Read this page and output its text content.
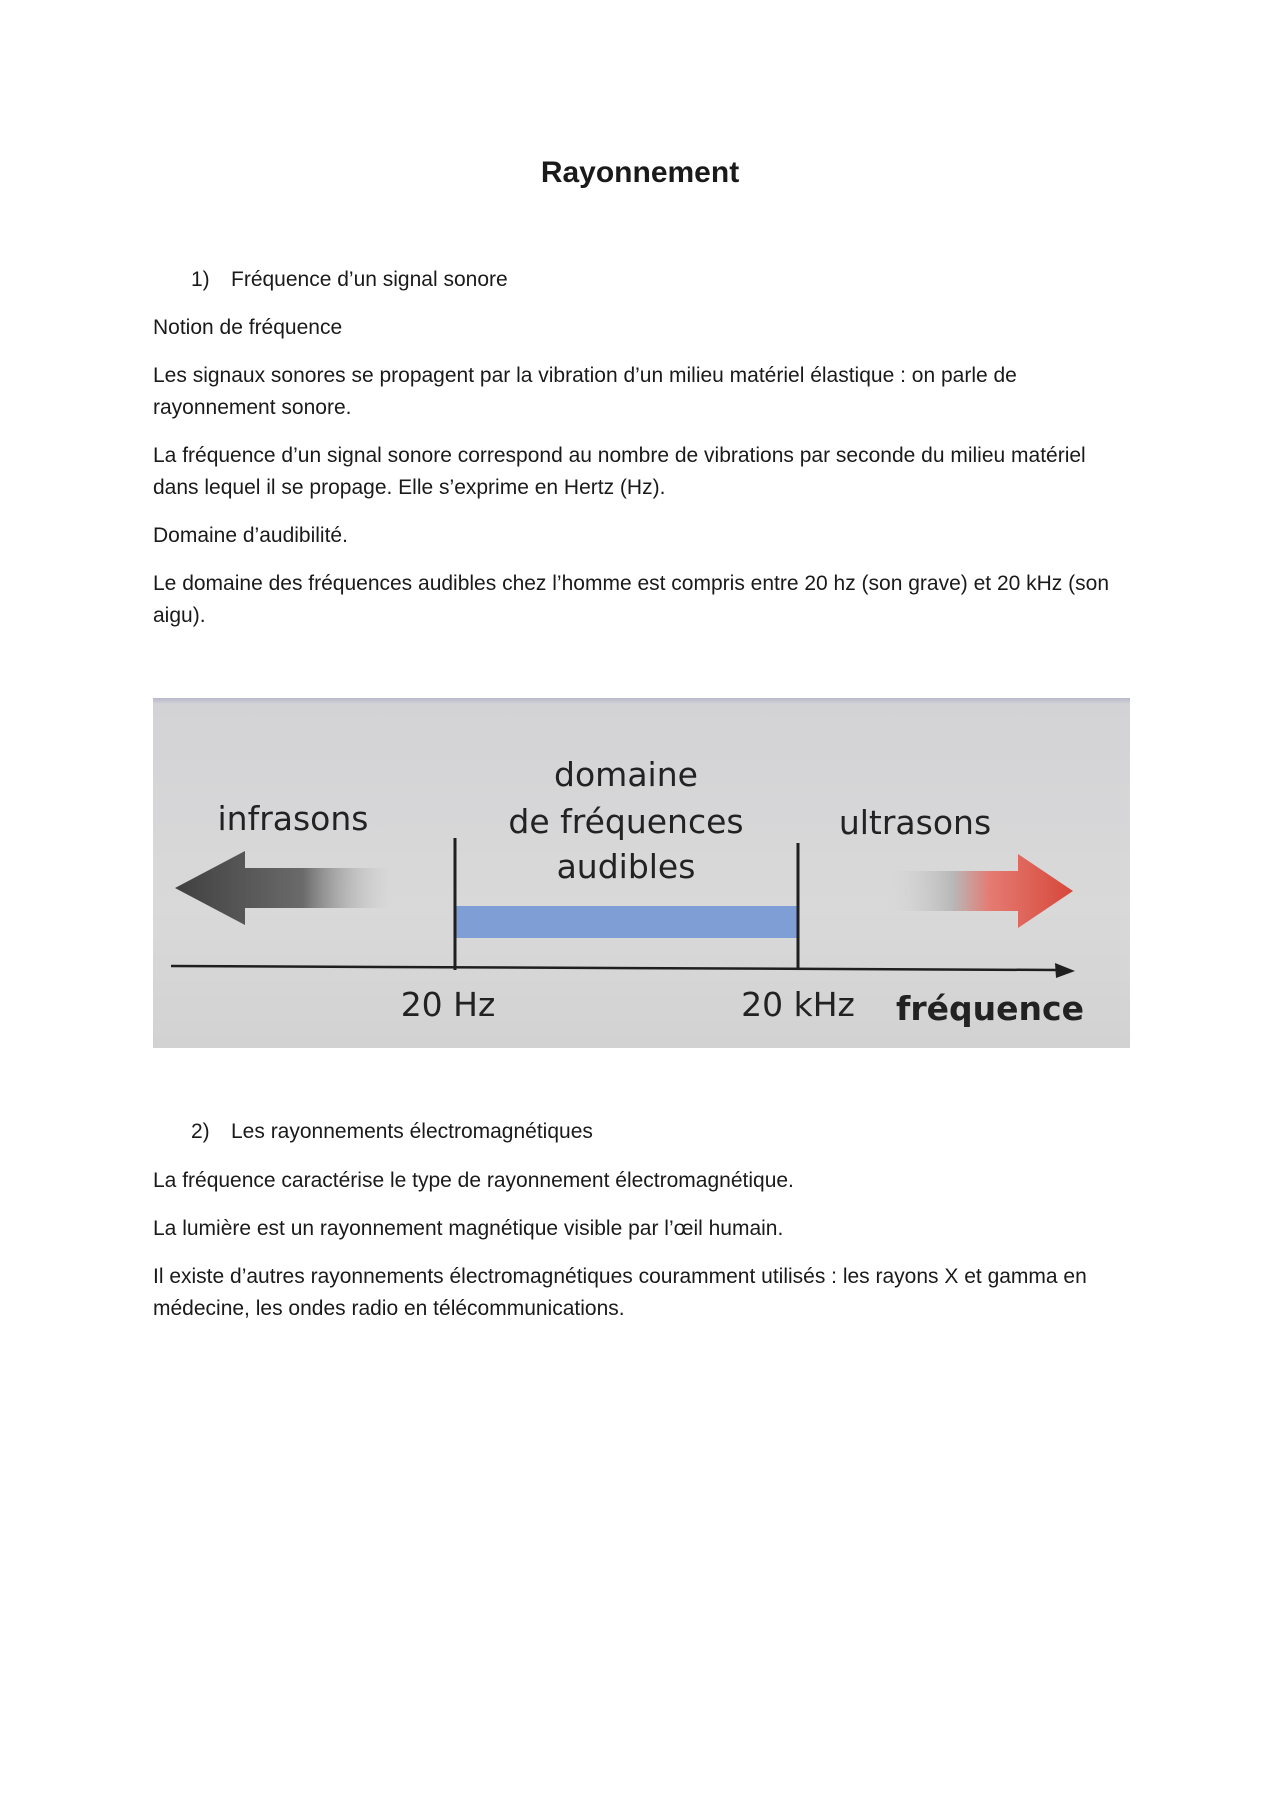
Rayonnement
1)	Fréquence d’un signal sonore
Notion de fréquence
Les signaux sonores se propagent par la vibration d’un milieu matériel élastique : on parle de
rayonnement sonore.
La fréquence d’un signal sonore correspond au nombre de vibrations par seconde du milieu matériel
dans lequel il se propage. Elle s’exprime en Hertz (Hz).
Domaine d’audibilité.
Le domaine des fréquences audibles chez l’homme est compris entre 20 hz (son grave) et 20 kHz (son
aigu).
infrasons
domaine
de fréquences
audibles
ultrasons
20 Hz	20 kHz fréquence
2)	Les rayonnements électromagnétiques
La fréquence caractérise le type de rayonnement électromagnétique.
La lumière est un rayonnement magnétique visible par l’œil humain.
Il existe d’autres rayonnements électromagnétiques couramment utilisés : les rayons X et gamma en
médecine, les ondes radio en télécommunications.
